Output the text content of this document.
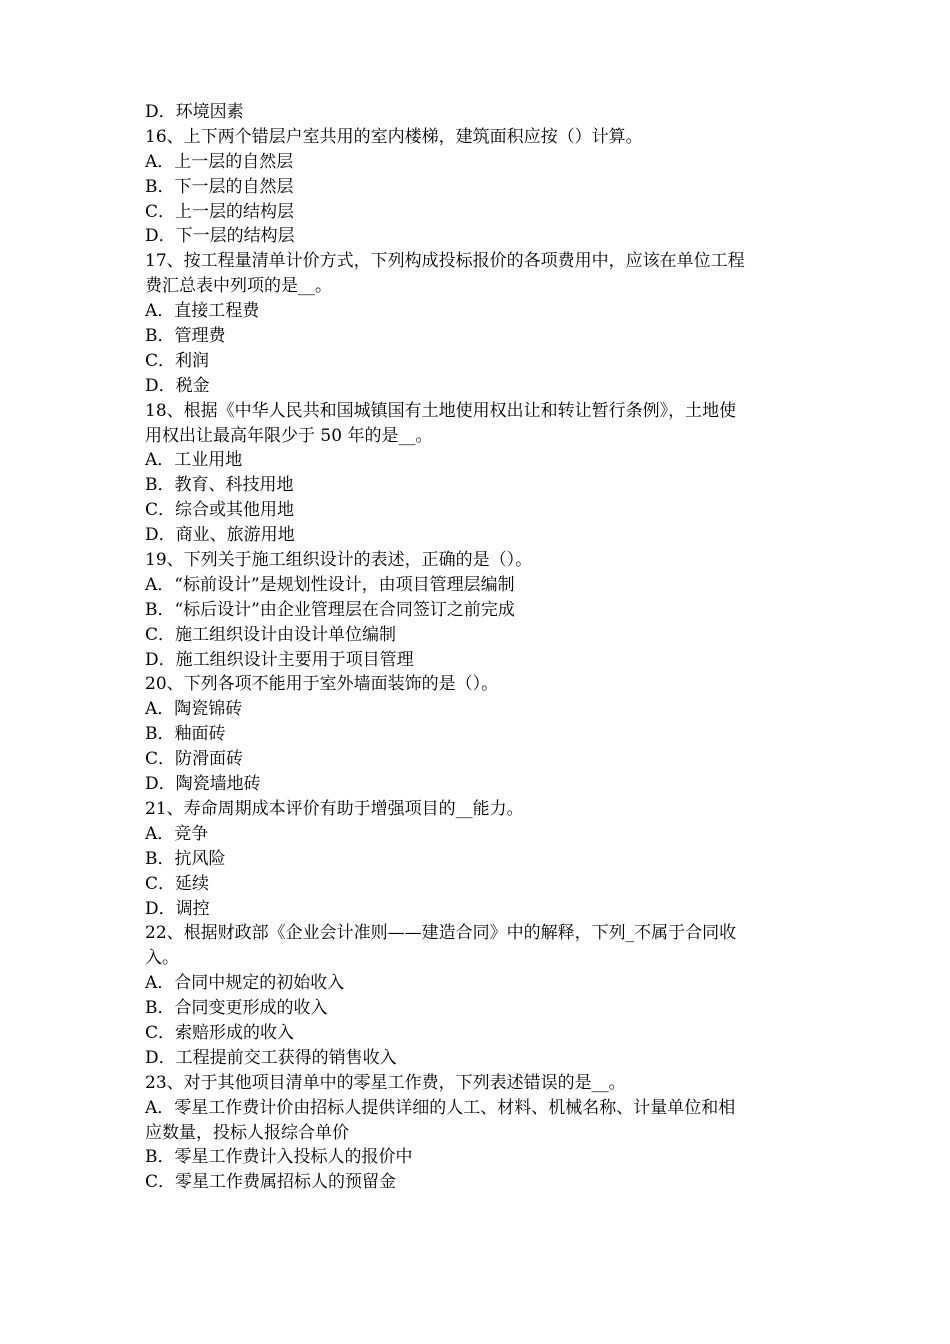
D．环境因素
16、上下两个错层户室共用的室内楼梯，建筑面积应按（）计算。
A．上一层的自然层
B．下一层的自然层
C．上一层的结构层
D．下一层的结构层
17、按工程量清单计价方式，下列构成投标报价的各项费用中，应该在单位工程
费汇总表中列项的是__。
A．直接工程费
B．管理费
C．利润
D．税金
18、根据《中华人民共和国城镇国有土地使用权出让和转让暂行条例》，土地使
用权出让最高年限少于 50 年的是__。
A．工业用地
B．教育、科技用地
C．综合或其他用地
D．商业、旅游用地
19、下列关于施工组织设计的表述，正确的是（）。
A．“标前设计”是规划性设计，由项目管理层编制
B．“标后设计”由企业管理层在合同签订之前完成
C．施工组织设计由设计单位编制
D．施工组织设计主要用于项目管理
20、下列各项不能用于室外墙面装饰的是（）。
A．陶瓷锦砖
B．釉面砖
C．防滑面砖
D．陶瓷墙地砖
21、寿命周期成本评价有助于增强项目的__能力。
A．竞争
B．抗风险
C．延续
D．调控
22、根据财政部《企业会计准则——建造合同》中的解释，下列_不属于合同收
入。
A．合同中规定的初始收入
B．合同变更形成的收入
C．索赔形成的收入
D．工程提前交工获得的销售收入
23、对于其他项目清单中的零星工作费，下列表述错误的是__。
A．零星工作费计价由招标人提供详细的人工、材料、机械名称、计量单位和相
应数量，投标人报综合单价
B．零星工作费计入投标人的报价中
C．零星工作费属招标人的预留金
